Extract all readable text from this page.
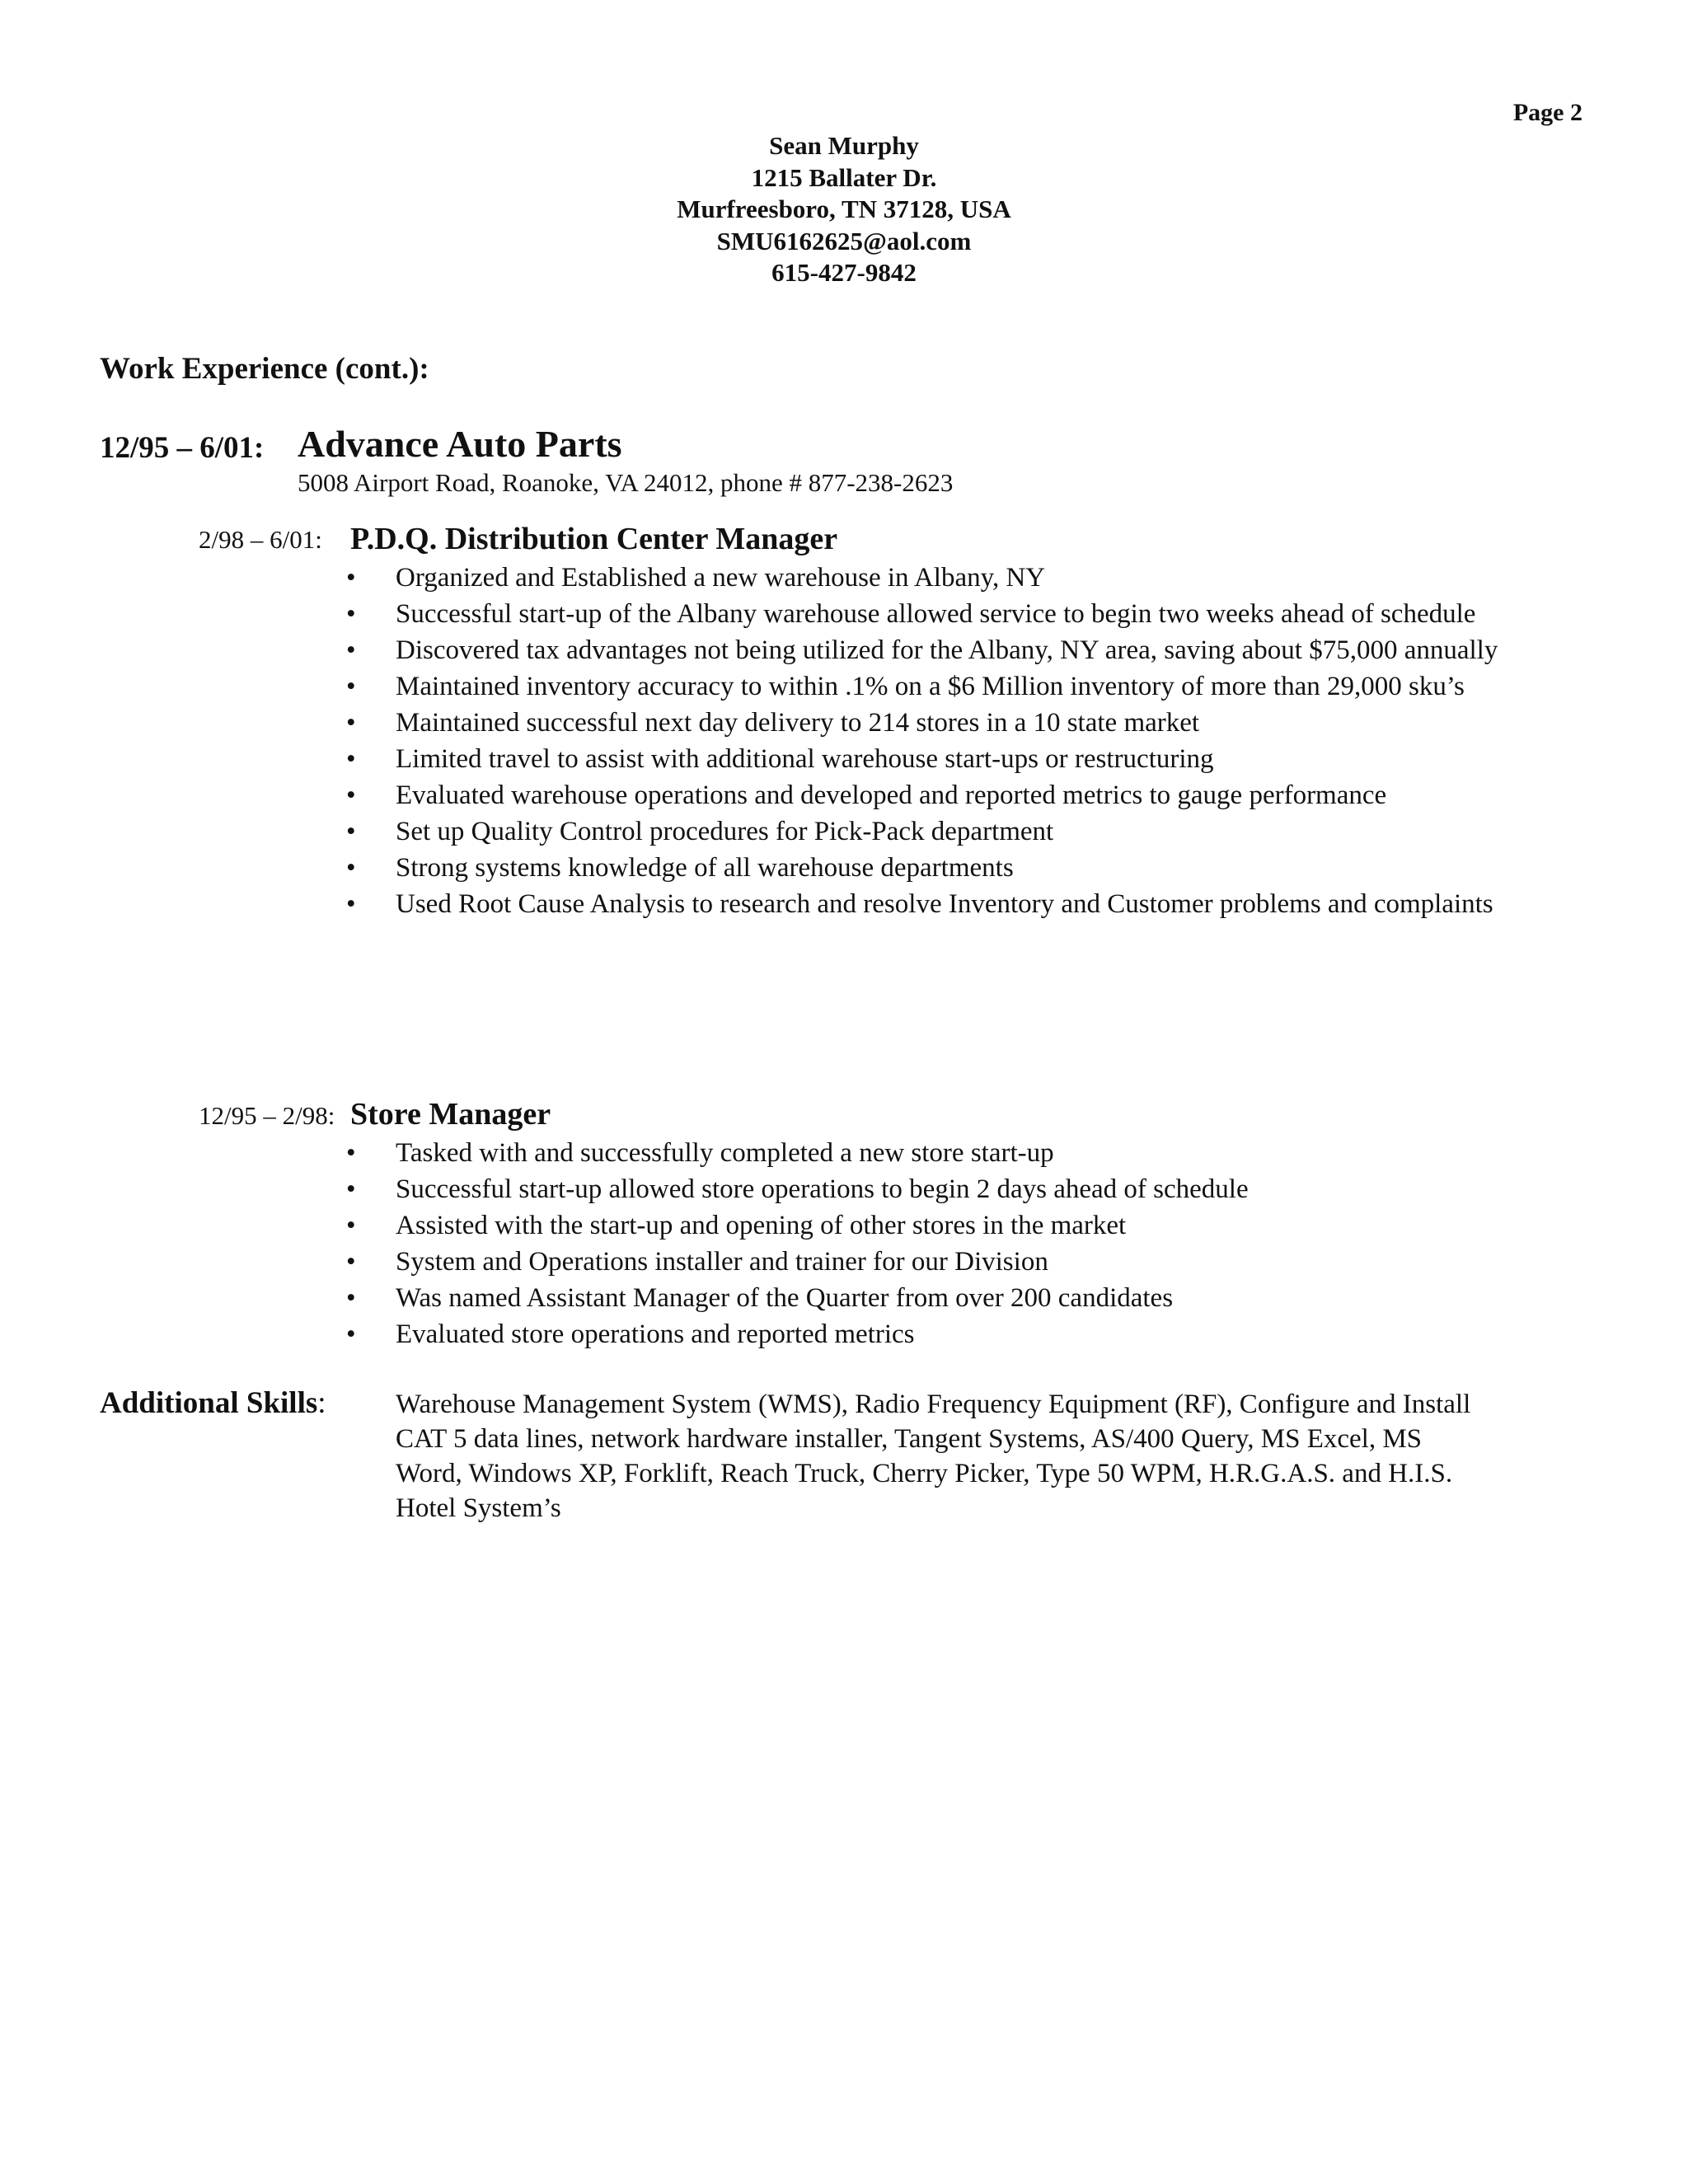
Page 2
Sean Murphy
1215 Ballater Dr.
Murfreesboro, TN 37128, USA
SMU6162625@aol.com
615-427-9842
Work Experience (cont.):
12/95 – 6/01: Advance Auto Parts
5008 Airport Road, Roanoke, VA 24012, phone # 877-238-2623
2/98 – 6/01: P.D.Q. Distribution Center Manager
• Organized and Established a new warehouse in Albany, NY
• Successful start-up of the Albany warehouse allowed service to begin two weeks ahead of schedule
• Discovered tax advantages not being utilized for the Albany, NY area, saving about $75,000 annually
• Maintained inventory accuracy to within .1% on a $6 Million inventory of more than 29,000 sku’s
• Maintained successful next day delivery to 214 stores in a 10 state market
• Limited travel to assist with additional warehouse start-ups or restructuring
• Evaluated warehouse operations and developed and reported metrics to gauge performance
• Set up Quality Control procedures for Pick-Pack department
• Strong systems knowledge of all warehouse departments
• Used Root Cause Analysis to research and resolve Inventory and Customer problems and complaints
12/95 – 2/98: Store Manager
• Tasked with and successfully completed a new store start-up
• Successful start-up allowed store operations to begin 2 days ahead of schedule
• Assisted with the start-up and opening of other stores in the market
• System and Operations installer and trainer for our Division
• Was named Assistant Manager of the Quarter from over 200 candidates
• Evaluated store operations and reported metrics
Additional Skills:	Warehouse Management System (WMS), Radio Frequency Equipment (RF), Configure and Install CAT 5 data lines, network hardware installer, Tangent Systems, AS/400 Query, MS Excel, MS Word, Windows XP, Forklift, Reach Truck, Cherry Picker, Type 50 WPM, H.R.G.A.S. and H.I.S. Hotel System’s
